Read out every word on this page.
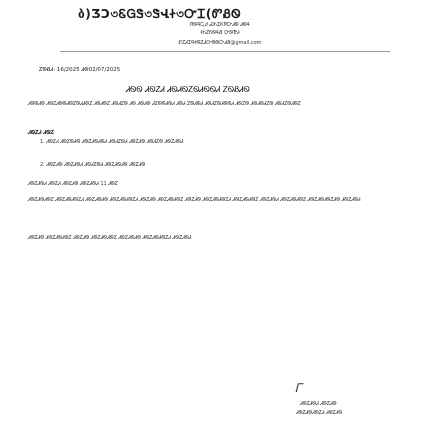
ბ)ƷƆ৩ᏋᏀᏕ৩ᏕՎᏐ৩ᏅᏆ(ᏛᏰᏫ
ᏒᏫᏄᏩᏧ ᏍᏂᏆᏦᏒᏅᏗᏫ ᏗᏫᏎ
ᏐᏂᏃᏲᏫᏎᏰ ᏅᏫᏈᏗ
ᏑᏃᏗᏆᏄᏐᏫᏃᏗᏅᏫᏫᏅᏗᏰ@gmail.com
ᏃᏫᏰᏗ: 16/2025 ᏗᏫ02/07/2025
ᏗᏫᏫ ᏗᏫᏃᏗ ᏗᏫᏗᏫᏃᏫᏗᏫᏫᏗ ᏃᏫᏰᏗᏫ
ᏗᏫᏫᏗᏫ ᏗᏫᏃᏗᏫᏫᏗᏫᏃᏫᏗᏗᏫᏃ ᏗᏫᏗᏫᏃ ᏗᏫᏗᏃᏫ ᏗᏫ ᏗᏫᏗᏫ ᏗᏃᏫᏫᏗᏫᏗ ᏗᏫᏗ ᏃᏫᏗᏫᏗ ᏗᏫᏗᏃᏫᏗᏫᏫᏗ ᏗᏫᏃᏫ ᏗᏫᏗᏫᏗᏃᏫ ᏗᏫᏗᏃᏫᏗᏫᏃ
ᏗᏫᏃᏗ ᏗᏫᏃ
1. ᏗᏫᏃᏗ ᏗᏫᏃᏫᏗᏫ ᏗᏫᏃᏗᏫᏗᏫᏗ ᏗᏫᏗᏃᏫᏗ ᏗᏫᏃᏗᏫ ᏗᏫᏗᏃᏫ ᏗᏫᏃᏗᏫᏗ
2. ᏗᏫᏃᏗᏫ ᏗᏫᏃᏗᏫᏗ ᏗᏫᏗᏃᏫᏗ ᏗᏫᏃᏗᏫᏗᏫ ᏗᏫᏃᏗᏫ
ᏗᏫᏃᏗᏫᏗ ᏗᏫᏃᏗ ᏗᏫᏃᏗᏫ ᏗᏫᏃᏗᏫᏗ 11 ᏗᏫᏃ
ᏗᏫᏃᏗᏫᏗᏫᏃ ᏗᏫᏃᏗᏫᏗᏫᏃᏗ ᏗᏫᏃᏗᏫᏗᏫ ᏗᏫᏃᏗᏫᏗᏫᏃᏗ ᏗᏫᏃᏗᏫ ᏗᏫᏃᏗᏫᏗᏫᏃ ᏗᏫᏃᏗᏫ ᏗᏫᏃᏗᏫᏗᏫᏃᏗ ᏗᏫᏃᏗᏫᏗᏫᏃ ᏗᏫᏃᏗᏫᏗ ᏗᏫᏃᏗᏫᏗᏫᏃ ᏗᏫᏃᏗᏫᏗᏫᏃᏗᏫ ᏗᏫᏃᏗᏫᏗ
ᏗᏫᏃᏗᏫ ᏗᏫᏃᏗᏫᏗᏫᏃ ᏗᏫᏃᏗᏫ ᏗᏫᏃᏗᏫᏗᏫᏃ ᏗᏫᏃᏗᏫᏗᏫ ᏗᏫᏃᏗᏫᏗᏫᏃᏗ ᏗᏫᏃᏗᏫᏗ
Ꮁ
ᏗᏫᏃᏗᏫᏗ ᏗᏫᏃᏗᏫ
ᏗᏫᏃᏗᏫᏗᏫᏃᏗ ᏗᏫᏃᏗᏫ
